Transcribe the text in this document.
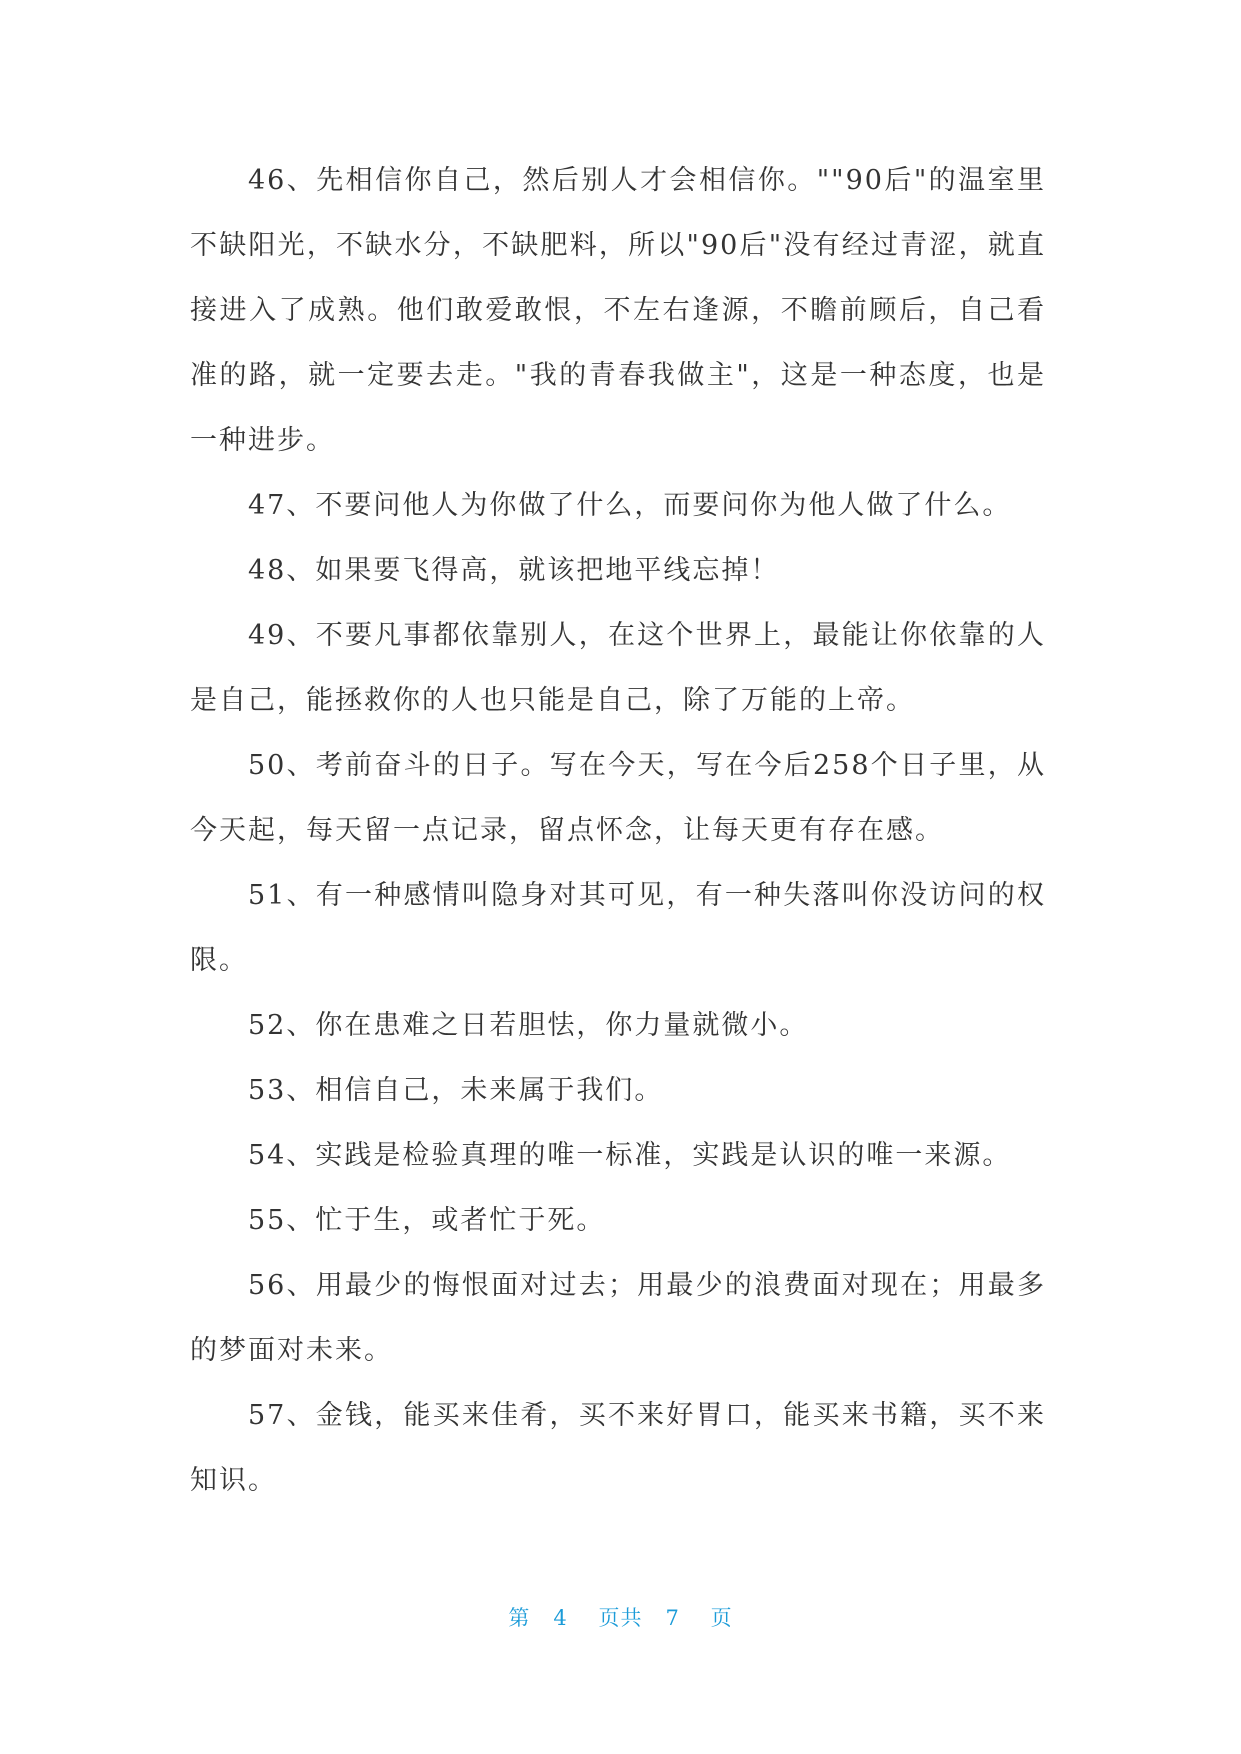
46、先相信你自己，然后别人才会相信你。""90后"的温室里不缺阳光，不缺水分，不缺肥料，所以"90后"没有经过青涩，就直接进入了成熟。他们敢爱敢恨，不左右逢源，不瞻前顾后，自己看准的路，就一定要去走。"我的青春我做主"，这是一种态度，也是一种进步。

47、不要问他人为你做了什么，而要问你为他人做了什么。

48、如果要飞得高，就该把地平线忘掉！

49、不要凡事都依靠别人，在这个世界上，最能让你依靠的人是自己，能拯救你的人也只能是自己，除了万能的上帝。

50、考前奋斗的日子。写在今天，写在今后258个日子里，从今天起，每天留一点记录，留点怀念，让每天更有存在感。

51、有一种感情叫隐身对其可见，有一种失落叫你没访问的权限。

52、你在患难之日若胆怯，你力量就微小。

53、相信自己，未来属于我们。

54、实践是检验真理的唯一标准，实践是认识的唯一来源。

55、忙于生，或者忙于死。

56、用最少的悔恨面对过去；用最少的浪费面对现在；用最多的梦面对未来。

57、金钱，能买来佳肴，买不来好胃口，能买来书籍，买不来知识。

第 4 页共 7 页
